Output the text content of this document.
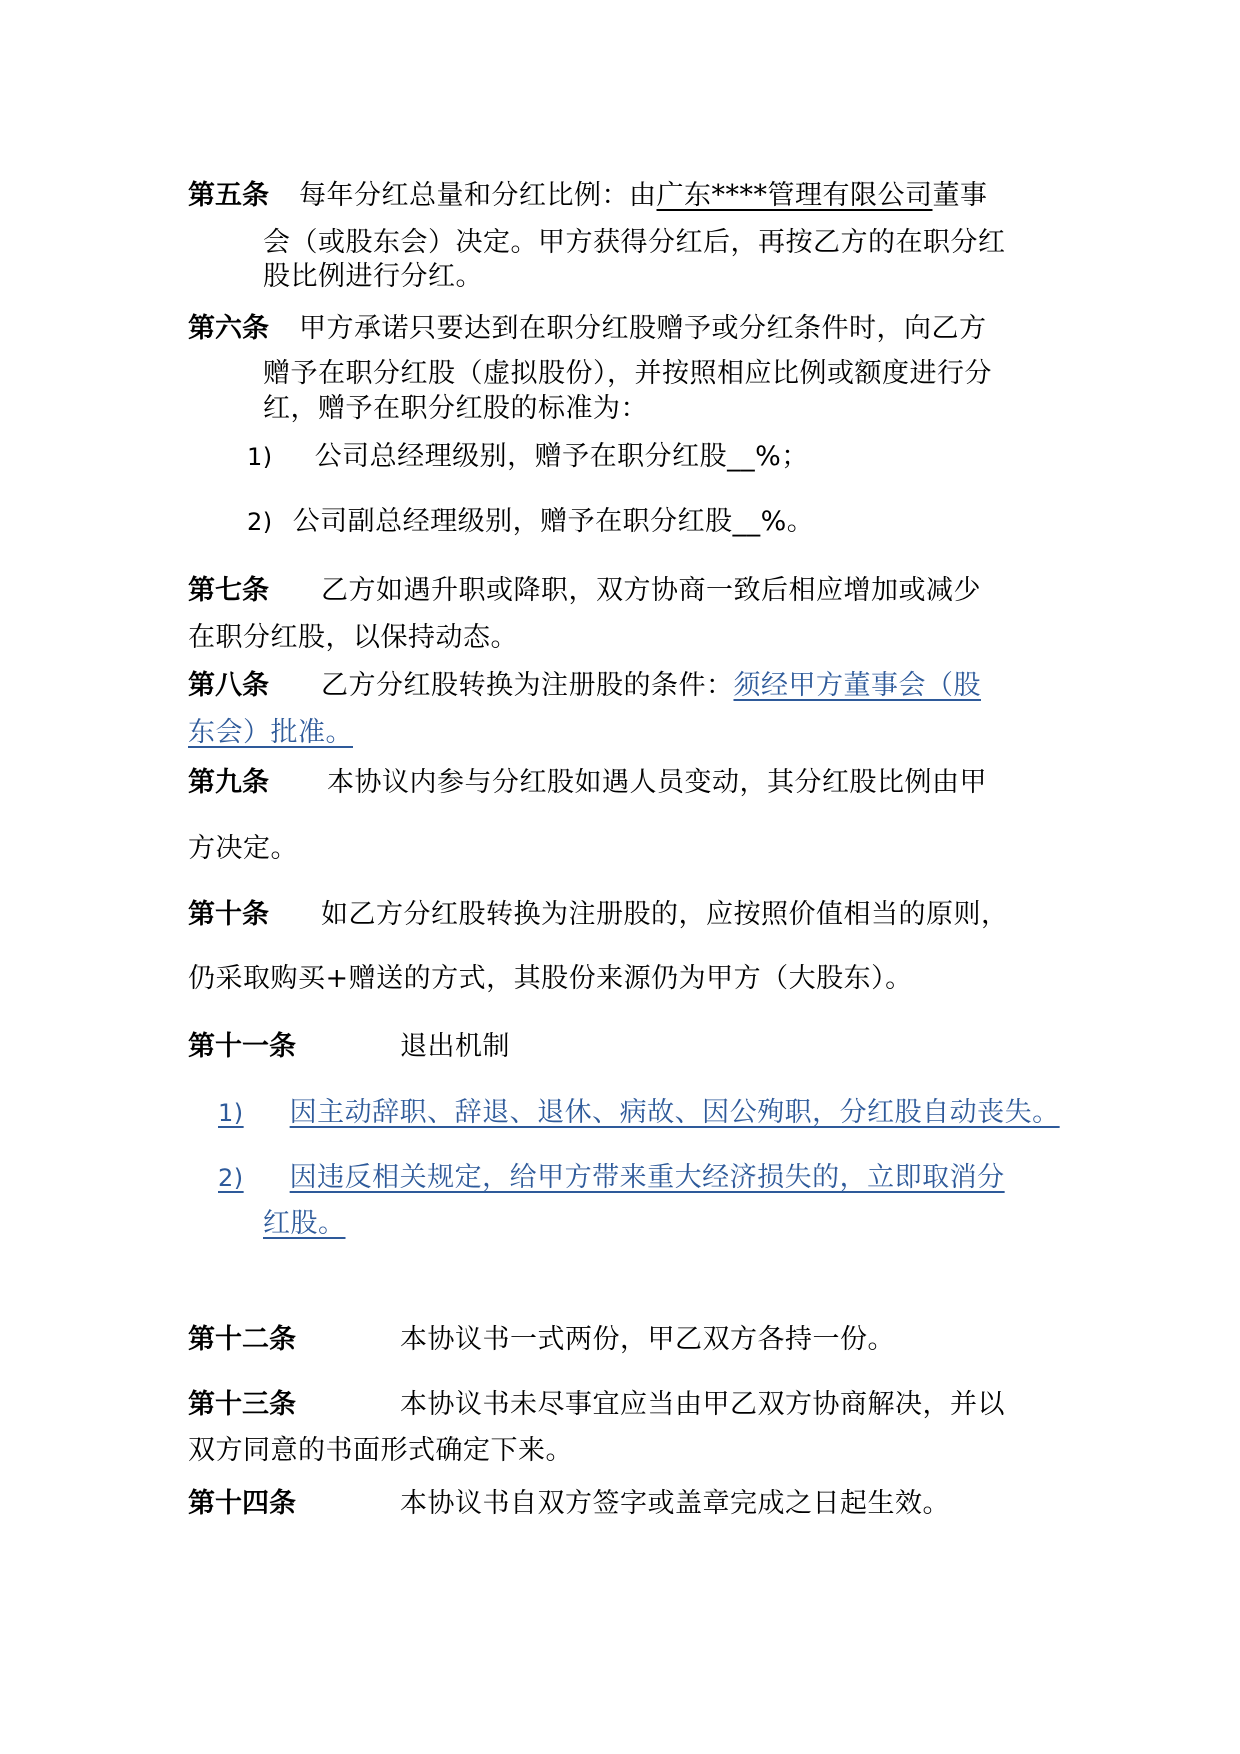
第五条 每年分红总量和分红比例：由广东****管理有限公司董事
会（或股东会）决定。甲方获得分红后，再按乙方的在职分红
股比例进行分红。
第六条 甲方承诺只要达到在职分红股赠予或分红条件时，向乙方
赠予在职分红股（虚拟股份），并按照相应比例或额度进行分
红，赠予在职分红股的标准为：
1) 公司总经理级别，赠予在职分红股__%；
2) 公司副总经理级别，赠予在职分红股__%。
第七条 乙方如遇升职或降职，双方协商一致后相应增加或减少
在职分红股，以保持动态。
第八条 乙方分红股转换为注册股的条件：须经甲方董事会（股
东会）批准。
第九条 本协议内参与分红股如遇人员变动，其分红股比例由甲
方决定。
第十条 如乙方分红股转换为注册股的，应按照价值相当的原则，
仍采取购买+赠送的方式，其股份来源仍为甲方（大股东）。
第十一条	退出机制
1) 因主动辞职、辞退、退休、病故、因公殉职，分红股自动丧失。
2) 因违反相关规定，给甲方带来重大经济损失的，立即取消分
红股。
第十二条	本协议书一式两份，甲乙双方各持一份。
第十三条	本协议书未尽事宜应当由甲乙双方协商解决，并以
双方同意的书面形式确定下来。
第十四条	本协议书自双方签字或盖章完成之日起生效。
